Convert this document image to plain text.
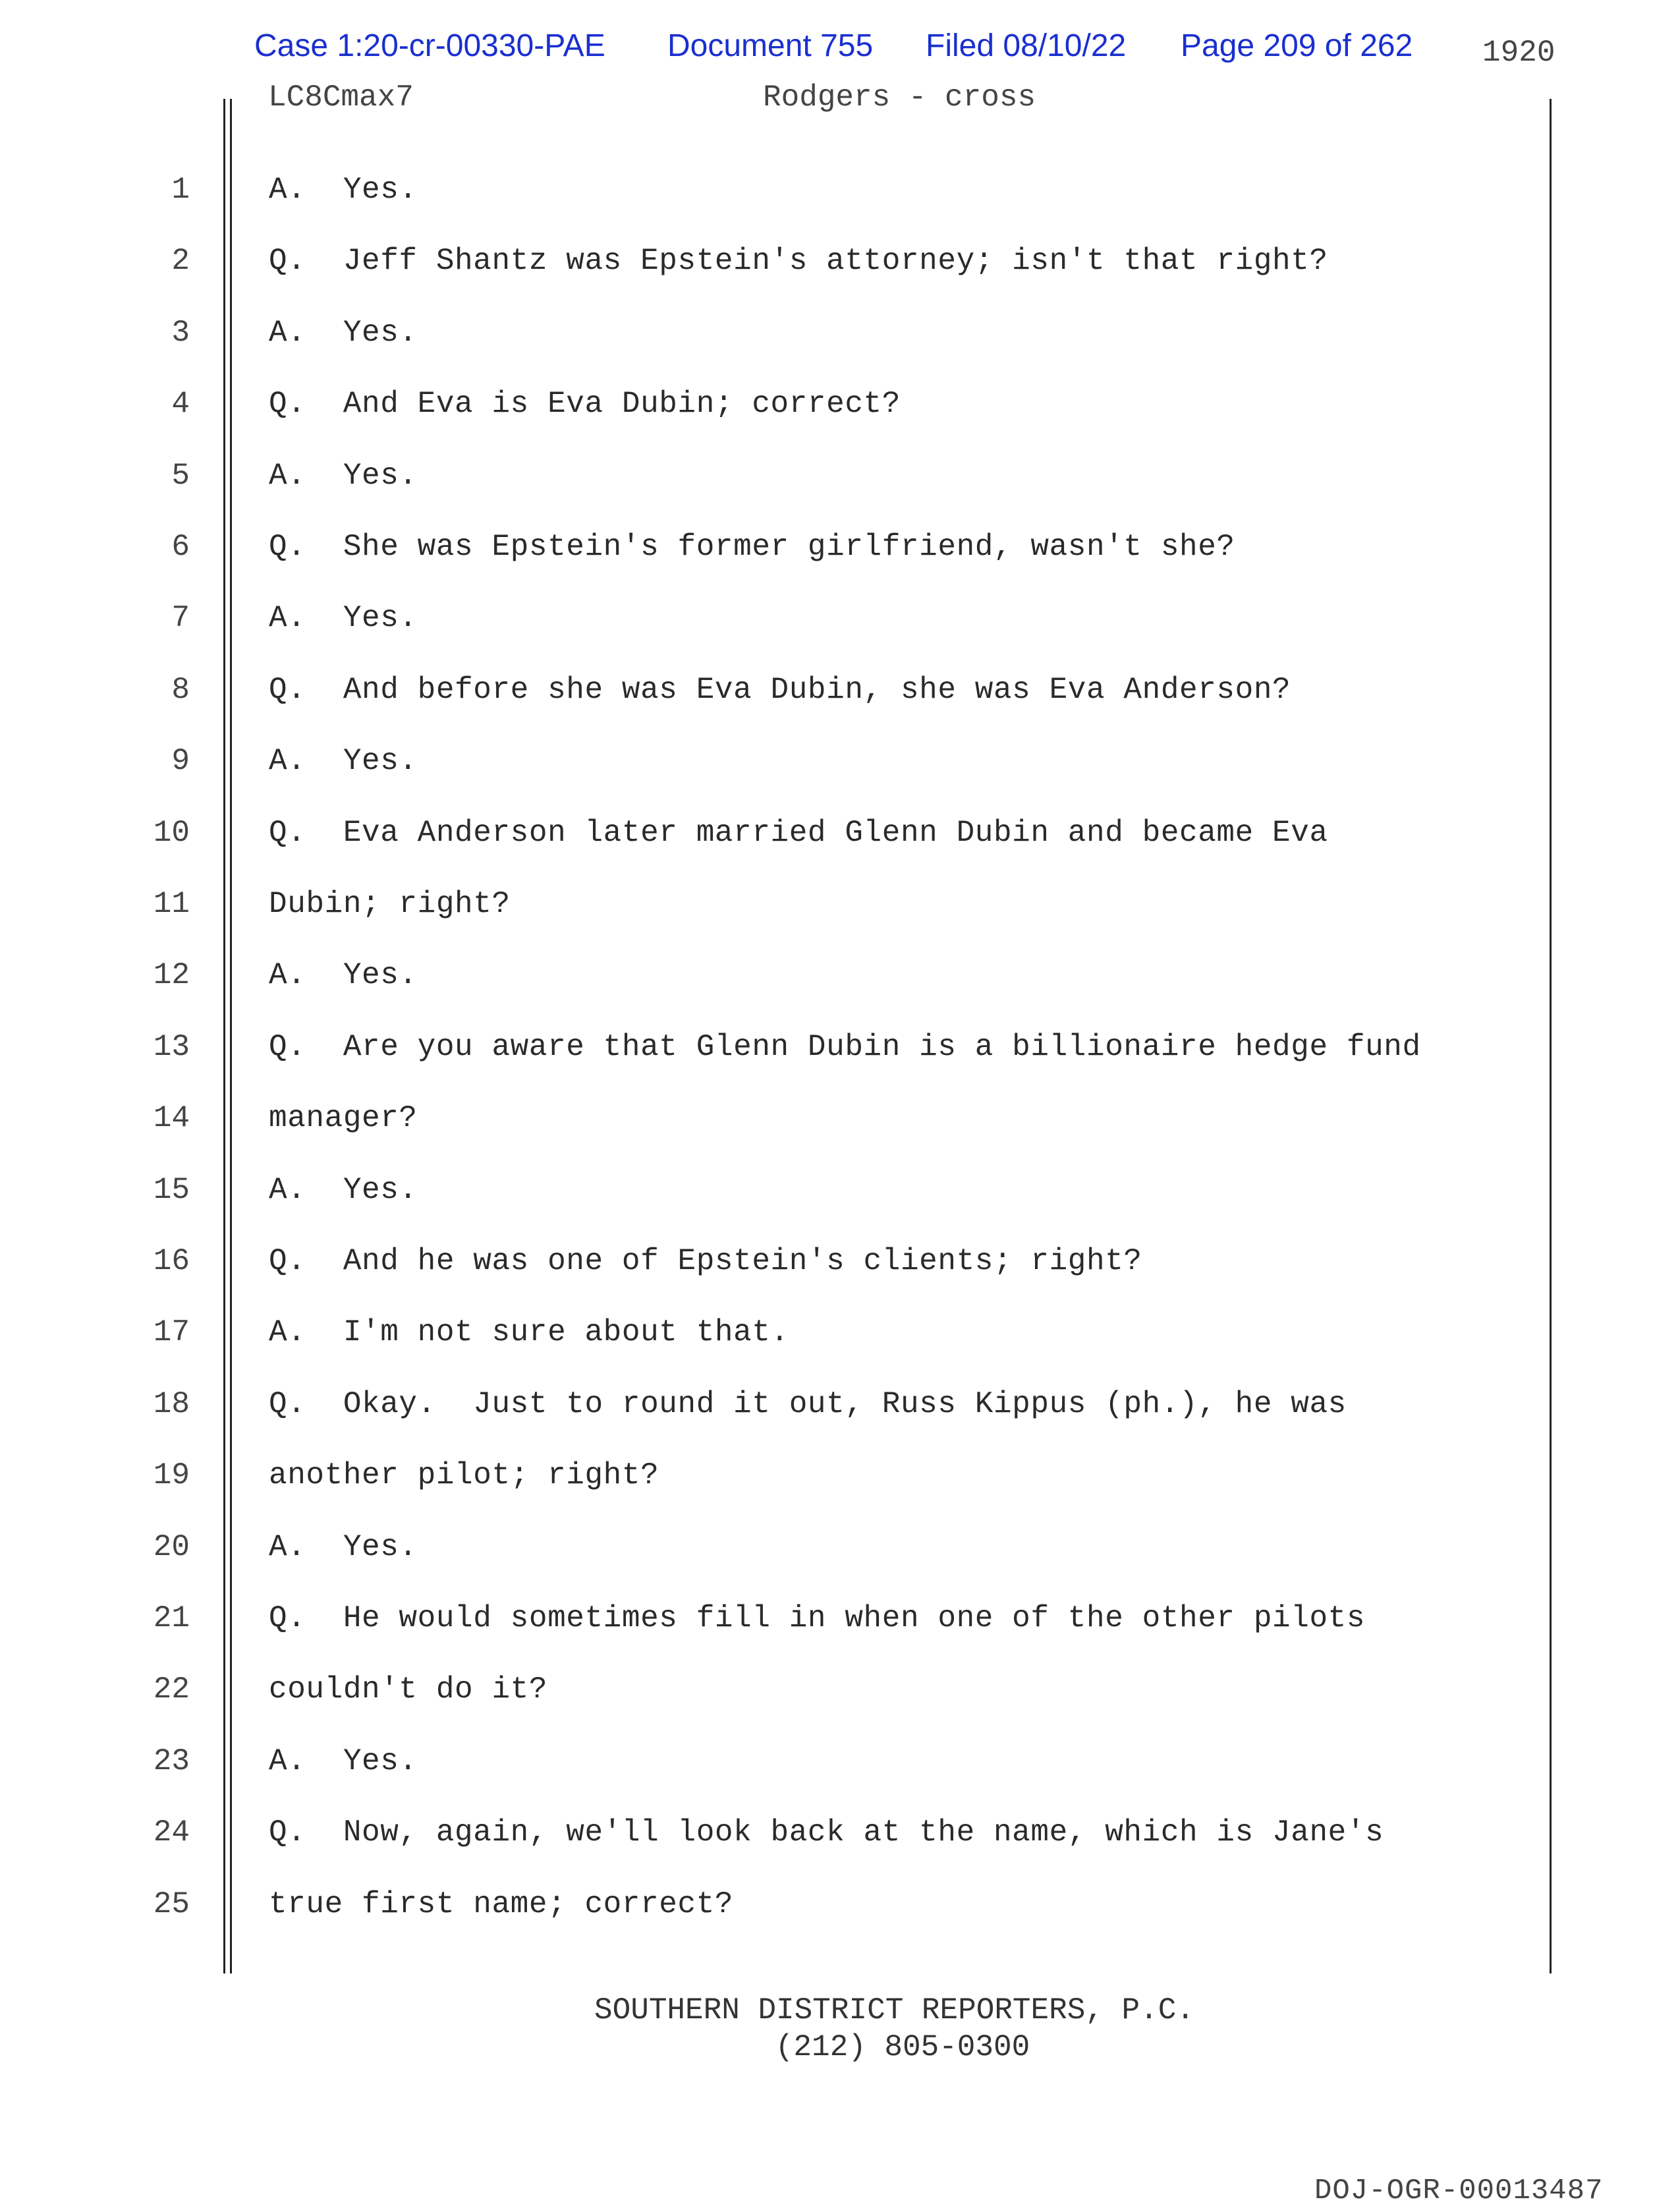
Case 1:20-cr-00330-PAE Document 755 Filed 08/10/22 Page 209 of 262 1920
LC8Cmax7	Rodgers - cross
1	A.  Yes.
2	Q.  Jeff Shantz was Epstein's attorney; isn't that right?
3	A.  Yes.
4	Q.  And Eva is Eva Dubin; correct?
5	A.  Yes.
6	Q.  She was Epstein's former girlfriend, wasn't she?
7	A.  Yes.
8	Q.  And before she was Eva Dubin, she was Eva Anderson?
9	A.  Yes.
10	Q.  Eva Anderson later married Glenn Dubin and became Eva
11	Dubin; right?
12	A.  Yes.
13	Q.  Are you aware that Glenn Dubin is a billionaire hedge fund
14	manager?
15	A.  Yes.
16	Q.  And he was one of Epstein's clients; right?
17	A.  I'm not sure about that.
18	Q.  Okay.  Just to round it out, Russ Kippus (ph.), he was
19	another pilot; right?
20	A.  Yes.
21	Q.  He would sometimes fill in when one of the other pilots
22	couldn't do it?
23	A.  Yes.
24	Q.  Now, again, we'll look back at the name, which is Jane's
25	true first name; correct?
SOUTHERN DISTRICT REPORTERS, P.C.
(212) 805-0300
DOJ-OGR-00013487
